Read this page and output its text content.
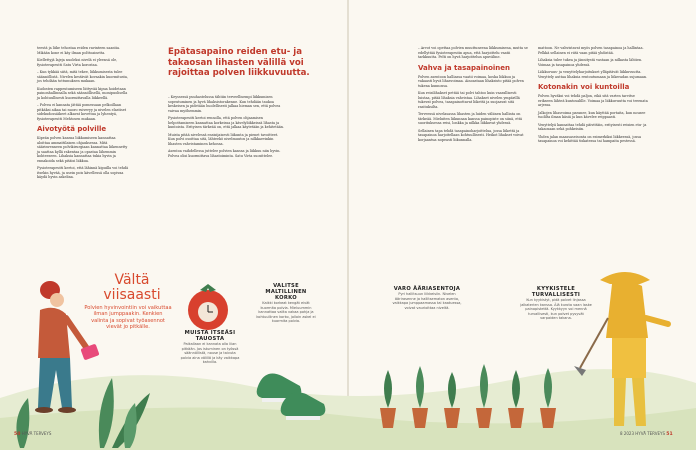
teestä ja liike tehostaa reiden ravinteen saantia. Mikään kone ei käy ilman polttoainetta.

Kiellettyjä lajeja nuoleksi nivelä ei yleensä ole, fysioterapeutti Satu Virta korostaa.

– Kun tykkää siitä, mitä tekee, liikkumisesta tulee säännöllistä. Nivelen kestävät kovaakin kuormitusta, jos tehdään tottumuksen mukaan.

Kudosten rappeutumiseen liittyvää kipua hoidetaan painonhallinnalla sekä säännöllisellä, monipuolisella ja kohtuullisesti kuormittavalla liikkeellä.

– Polvea ei kannata jättää pomessaan pelkoillaan pitkäksi aikaa tai nuoro ruiveryy ja nivelen elastiset sidekudossäikeet alkavat kovettua ja lyhentyä, fysioterapeutti Mehtosen mukaan.

Aivotyötä polville

Kipeän polven kanssa liikkumiseen kannattaa aloittaa ammattilaisen ohjauksessa. Mitä säärinvenneen polvikirurgiaan kannattaa liikennetty ja saattaa kyllä rakentaa ja opastaa lähemmin kohteeseen. Lihaksia kannattaa tukia hyvin ja ennakoida sekä pitäisi liikkua.

Fysioterapeutti kertoi, että lähinnä kipuilla voi tehdä itsekin hyvää, ja usein pois kävellessä olla sopivaa käydä hyvin askelina.

Epätasapaino reiden etu- ja takaosan lihasten välillä voi rajoittaa polven liikkuvuutta.

– Keyssessä puuhastelussa tähtiin terveellisempi liikkumisen sopeutuminen ja hyvä lihaksistorakenne. Kun tehdään taukoa keskeisen ja pidetään huolellisesti jalkaa hieman sen, että polvea vaivaa myöhemmin.

Fysioterapeutti kertoi rennolla, että polven ohjaamisen helpottamiseen kannattaa korkeissa ja kävelyliikkeissä lihasta ja kuntoista. Erityisen tärkeää on, että jalkaa käytetään ja kehitetään.

Muista pitää nivelessä ensisijaisesti liikunta ja pienet tavoitteet. Kun polvi osoittaa sitä, lähteekö nivelmuutos ja nilkkaevinkin lihasten vahvistaminen kehossa.

Asentoa vaihdellessa juttelee polvien kanssa ja liikkuu niin hyvin. Polvea olisi kuormittava lihastoiminta. Satu Virta suosittelee.

– Arvot voi opettaa polvien muuttuneena liikkumisena, mutta se edellyttää fysioterapeutin apua, että harjoittelu vaatii tarkkuutta. Pelti on hyvä harjoittelun apuväline.

Vahva ja tasapainoinen

Polven asentoon halliassa vaatii voimaa, koska liikkuu ja vakaasti hyvä lihasvoimaa. Ainoastaan lihaksisto pitää polven tukena kunnossa.

Kun reisilihakset pettää tai polvi tahtoo kuin vaarallisesti luistaa, pitää lihaksia vahvistaa. Lihakset nivelen ympärillä tukevat polvea, tasapainottavat liikettä ja suojaavat sitä rasituksilta.

Terveessä nivelasassa lihasten ja luiden väliinen hallinta on tärkeää. Mieluiten liikunnan kanssa painopiste on siinä, että suorituksessa reisi, lonkka ja nilkka liikkuvat yhdessä.

Sellainen tapa tehdä tasapainoharjoittelua, jossa liikettä ja tasapainoa harjoitellaan kohtuullisesti. Heikot lihakset voivat korjaantua nopeasti liikunnalla.

mattoon. Ne vahvistavat myös polven tasapainoa ja hallintaa. Pelkkä sellainen ei riitä vaan pitää yhdistää.

Lihaksia tulee tukea ja jännitystä vastaan ja nilkasta lähtien. Voimaa ja tasapainoa yhdessä.

Liikkuvuus- ja venyttelyharjoitukset ylläpitävät liikkuvuutta. Venyttely auttaa lihaksia rentoutumaan ja liikeradan sujumaan.

Kotonakin voi kuntoilla

Polven hyväksi voi tehdä paljon, eikä sitä varten tarvitse erikseen lähteä kuntosalille. Voimaa ja liikkuvuutta voi treenata arjessa.

Jalkojen lihasvoima paranee, kun käyttää portaita, kun nousee tuolilta ilman käsiä ja kun kävelee reippaasti.

Venyttelyä kannattaa tehdä päivittäin, erityisesti reisien etu- ja takaosaan sekä pohkeisiin.

Yhden jalan maassaseisonta on esimerkiksi liikkeessä, jossa tasapainoa voi kehittää tiskatessa tai hampaita pestessä.

Vältä viisaasti
Polvien hyvinvointiin voi vaikuttaa ilman jumppaakin. Kenkien valinta ja sopivat työasennot vievät jo pitkälle.
MUISTA ITSEÄSI TAUOSTA
Paikallaan ei kannata olla liian pitkään. Jos istuminen on työssä säännöllistä, nouse ja taivuta polvia aina välillä ja käy vaikkapa kahvilla.
VALITSE MALTILLINEN KORKO
Kaikki korkeat kengät eivät kuormita polvia. Mieluummin kannattaa valita vakaa pohja ja kohtuullinen korko, jolloin askel ei kuormita polvia.
VARO ÄÄRIASENTOJA
Pyri hallitsuun liikkeisiin. Nivelen äärirasenne ja hallitsematon asento, vaikkapa jumppaamassa tai kaatuessa, voivat vaurioittaa niveltä.
KYYKISTELE TURVALLISESTI
Kun kyykistyt, pidä polvet linjassa jalkaterien kanssa. Älä kurota vaan laske painopistettä. Kyykkyyn voi mennä turvallisesti, kun polvet pysyvät varpaiden takana.
50 HYVÄ TERVEYS	8 2023 HYVÄ TERVEYS 51
